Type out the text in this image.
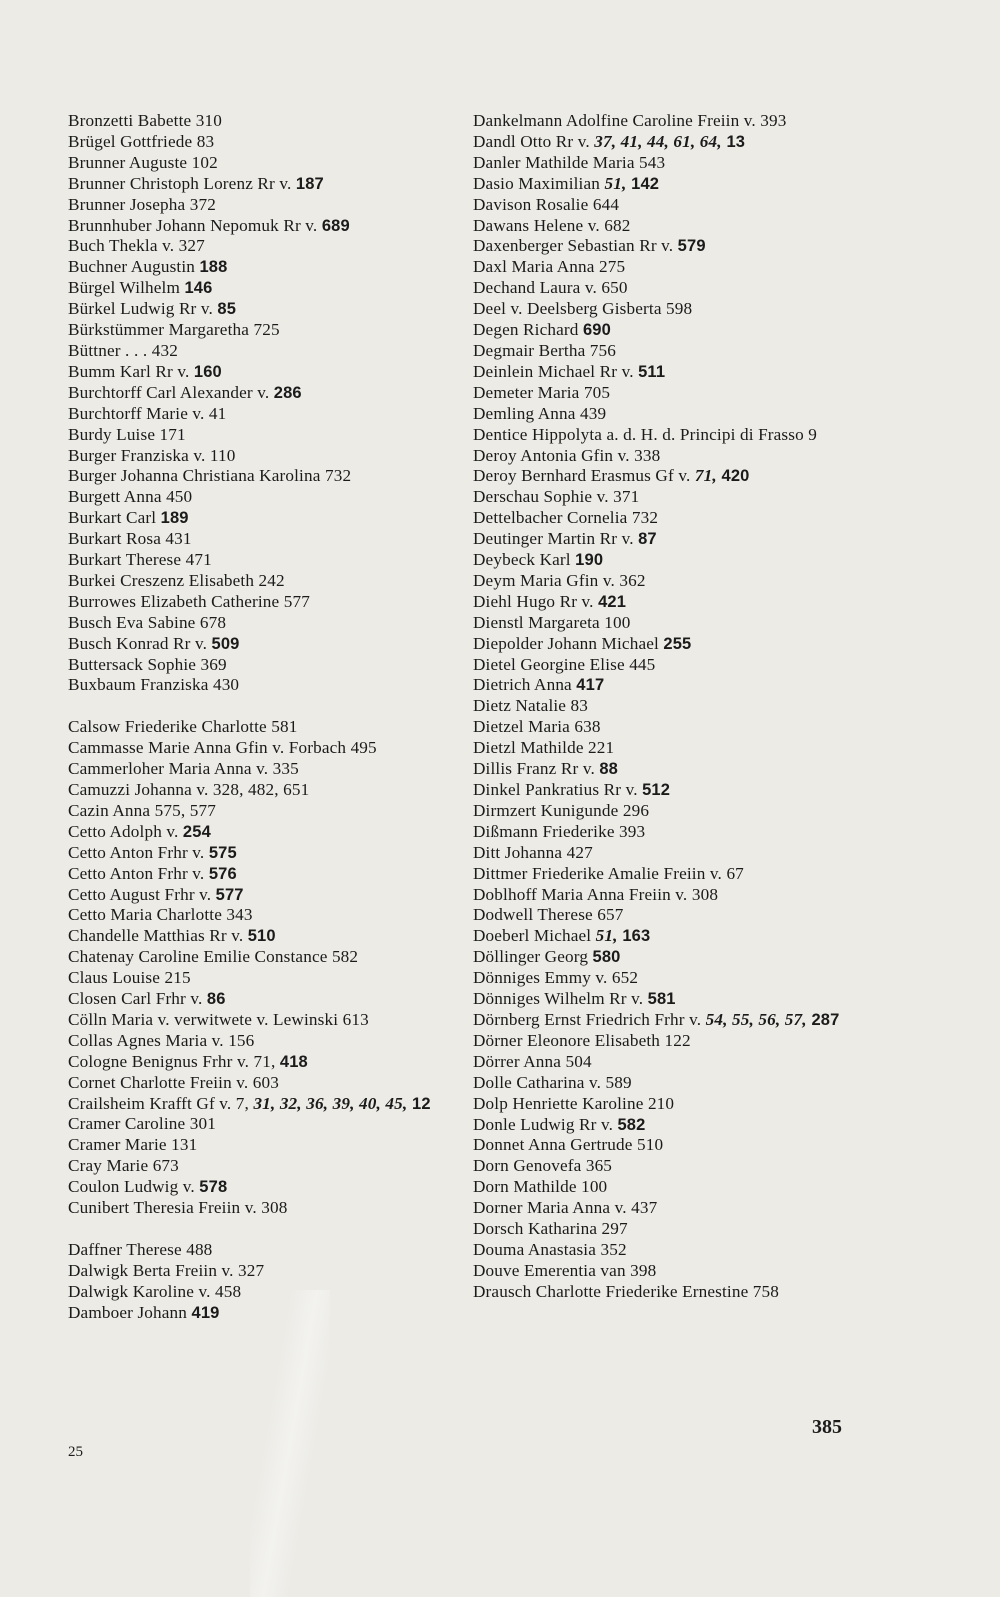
Bronzetti Babette 310
Brügel Gottfriede 83
Brunner Auguste 102
Brunner Christoph Lorenz Rr v. 187
Brunner Josepha 372
Brunnhuber Johann Nepomuk Rr v. 689
Buch Thekla v. 327
Buchner Augustin 188
Bürgel Wilhelm 146
Bürkel Ludwig Rr v. 85
Bürkstümmer Margaretha 725
Büttner . . . 432
Bumm Karl Rr v. 160
Burchtorff Carl Alexander v. 286
Burchtorff Marie v. 41
Burdy Luise 171
Burger Franziska v. 110
Burger Johanna Christiana Karolina 732
Burgett Anna 450
Burkart Carl 189
Burkart Rosa 431
Burkart Therese 471
Burkei Creszenz Elisabeth 242
Burrowes Elizabeth Catherine 577
Busch Eva Sabine 678
Busch Konrad Rr v. 509
Buttersack Sophie 369
Buxbaum Franziska 430
Calsow Friederike Charlotte 581
Cammasse Marie Anna Gfin v. Forbach 495
Cammerloher Maria Anna v. 335
Camuzzi Johanna v. 328, 482, 651
Cazin Anna 575, 577
Cetto Adolph v. 254
Cetto Anton Frhr v. 575
Cetto Anton Frhr v. 576
Cetto August Frhr v. 577
Cetto Maria Charlotte 343
Chandelle Matthias Rr v. 510
Chatenay Caroline Emilie Constance 582
Claus Louise 215
Closen Carl Frhr v. 86
Cölln Maria v. verwitwete v. Lewinski 613
Collas Agnes Maria v. 156
Cologne Benignus Frhr v. 71, 418
Cornet Charlotte Freiin v. 603
Crailsheim Krafft Gf v. 7, 31, 32, 36, 39, 40, 45, 12
Cramer Caroline 301
Cramer Marie 131
Cray Marie 673
Coulon Ludwig v. 578
Cunibert Theresia Freiin v. 308
Daffner Therese 488
Dalwigk Berta Freiin v. 327
Dalwigk Karoline v. 458
Damboer Johann 419
Dankelmann Adolfine Caroline Freiin v. 393
Dandl Otto Rr v. 37, 41, 44, 61, 64, 13
Danler Mathilde Maria 543
Dasio Maximilian 51, 142
Davison Rosalie 644
Dawans Helene v. 682
Daxenberger Sebastian Rr v. 579
Daxl Maria Anna 275
Dechand Laura v. 650
Deel v. Deelsberg Gisberta 598
Degen Richard 690
Degmair Bertha 756
Deinlein Michael Rr v. 511
Demeter Maria 705
Demling Anna 439
Dentice Hippolyta a. d. H. d. Principi di Frasso 9
Deroy Antonia Gfin v. 338
Deroy Bernhard Erasmus Gf v. 71, 420
Derschau Sophie v. 371
Dettelbacher Cornelia 732
Deutinger Martin Rr v. 87
Deybeck Karl 190
Deym Maria Gfin v. 362
Diehl Hugo Rr v. 421
Dienstl Margareta 100
Diepolder Johann Michael 255
Dietel Georgine Elise 445
Dietrich Anna 417
Dietz Natalie 83
Dietzel Maria 638
Dietzl Mathilde 221
Dillis Franz Rr v. 88
Dinkel Pankratius Rr v. 512
Dirmzert Kunigunde 296
Dißmann Friederike 393
Ditt Johanna 427
Dittmer Friederike Amalie Freiin v. 67
Doblhoff Maria Anna Freiin v. 308
Dodwell Therese 657
Doeberl Michael 51, 163
Döllinger Georg 580
Dönniges Emmy v. 652
Dönniges Wilhelm Rr v. 581
Dörnberg Ernst Friedrich Frhr v. 54, 55, 56, 57, 287
Dörner Eleonore Elisabeth 122
Dörrer Anna 504
Dolle Catharina v. 589
Dolp Henriette Karoline 210
Donle Ludwig Rr v. 582
Donnet Anna Gertrude 510
Dorn Genovefa 365
Dorn Mathilde 100
Dorner Maria Anna v. 437
Dorsch Katharina 297
Douma Anastasia 352
Douve Emerentia van 398
Drausch Charlotte Friederike Ernestine 758
25
385
